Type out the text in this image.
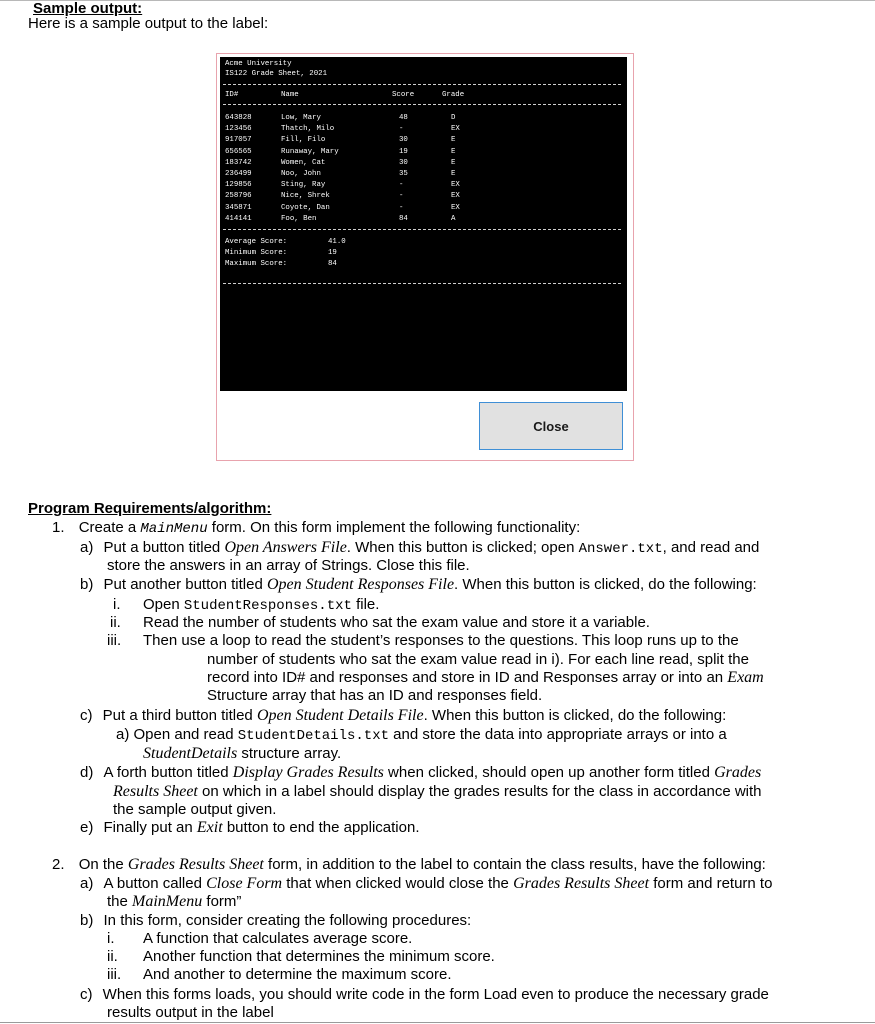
Sample output:
Here is a sample output to the label:
Acme University
IS122 Grade Sheet, 2021
ID#	Name	Score	Grade
643828	Low, Mary	48	D
123456	Thatch, Milo	-	EX
917057	Fill, Filo	30	E
656565	Runaway, Mary	19	E
183742	Women, Cat	30	E
236499	Noo, John	35	E
129856	Sting, Ray	-	EX
258796	Nice, Shrek	-	EX
345871	Coyote, Dan	-	EX
414141	Foo, Ben	84	A
Average Score:	41.0
Minimum Score:	19
Maximum Score:	84
Close
Program Requirements/algorithm:
1. Create a MainMenu form. On this form implement the following functionality:
a) Put a button titled Open Answers File. When this button is clicked; open Answer.txt, and read and
store the answers in an array of Strings. Close this file.
b) Put another button titled Open Student Responses File. When this button is clicked, do the following:
i. Open StudentResponses.txt file.
ii. Read the number of students who sat the exam value and store it a variable.
iii. Then use a loop to read the student’s responses to the questions. This loop runs up to the
number of students who sat the exam value read in i). For each line read, split the
record into ID# and responses and store in ID and Responses array or into an Exam
Structure array that has an ID and responses field.
c) Put a third button titled Open Student Details File. When this button is clicked, do the following:
a) Open and read StudentDetails.txt and store the data into appropriate arrays or into a
StudentDetails structure array.
d) A forth button titled Display Grades Results when clicked, should open up another form titled Grades
Results Sheet on which in a label should display the grades results for the class in accordance with
the sample output given.
e) Finally put an Exit button to end the application.
2. On the Grades Results Sheet form, in addition to the label to contain the class results, have the following:
a) A button called Close Form that when clicked would close the Grades Results Sheet form and return to
the MainMenu form”
b) In this form, consider creating the following procedures:
i. A function that calculates average score.
ii. Another function that determines the minimum score.
iii. And another to determine the maximum score.
c) When this forms loads, you should write code in the form Load even to produce the necessary grade
results output in the label
